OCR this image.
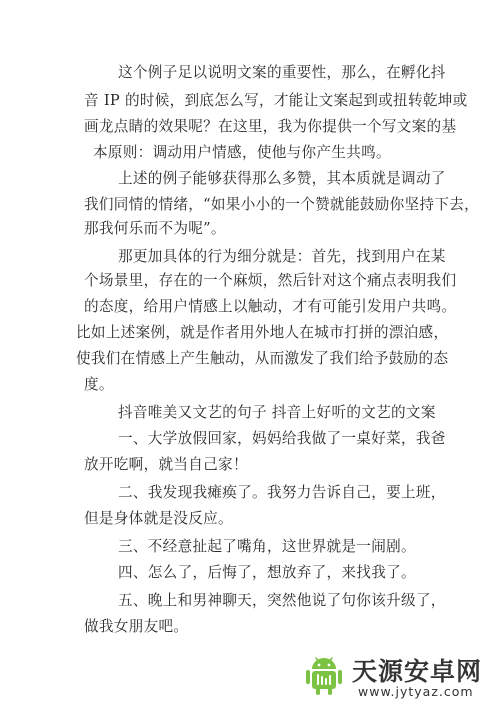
这个例子足以说明文案的重要性，那么，在孵化抖
音 IP 的时候，到底怎么写，才能让文案起到或扭转乾坤或
画龙点睛的效果呢？在这里，我为你提供一个写文案的基
本原则：调动用户情感，使他与你产生共鸣。
上述的例子能够获得那么多赞，其本质就是调动了
我们同情的情绪，“如果小小的一个赞就能鼓励你坚持下去，
那我何乐而不为呢”。
那更加具体的行为细分就是：首先，找到用户在某
个场景里，存在的一个麻烦，然后针对这个痛点表明我们
的态度，给用户情感上以触动，才有可能引发用户共鸣。
比如上述案例，就是作者用外地人在城市打拼的漂泊感，
使我们在情感上产生触动，从而激发了我们给予鼓励的态
度。
抖音唯美又文艺的句子 抖音上好听的文艺的文案
一、大学放假回家，妈妈给我做了一桌好菜，我爸
放开吃啊，就当自己家！
二、我发现我瘫痪了。我努力告诉自己，要上班，
但是身体就是没反应。
三、不经意扯起了嘴角，这世界就是一闹剧。
四、怎么了，后悔了，想放弃了，来找我了。
五、晚上和男神聊天，突然他说了句你该升级了，
做我女朋友吧。
天源安卓网
www.jytyaz.com
